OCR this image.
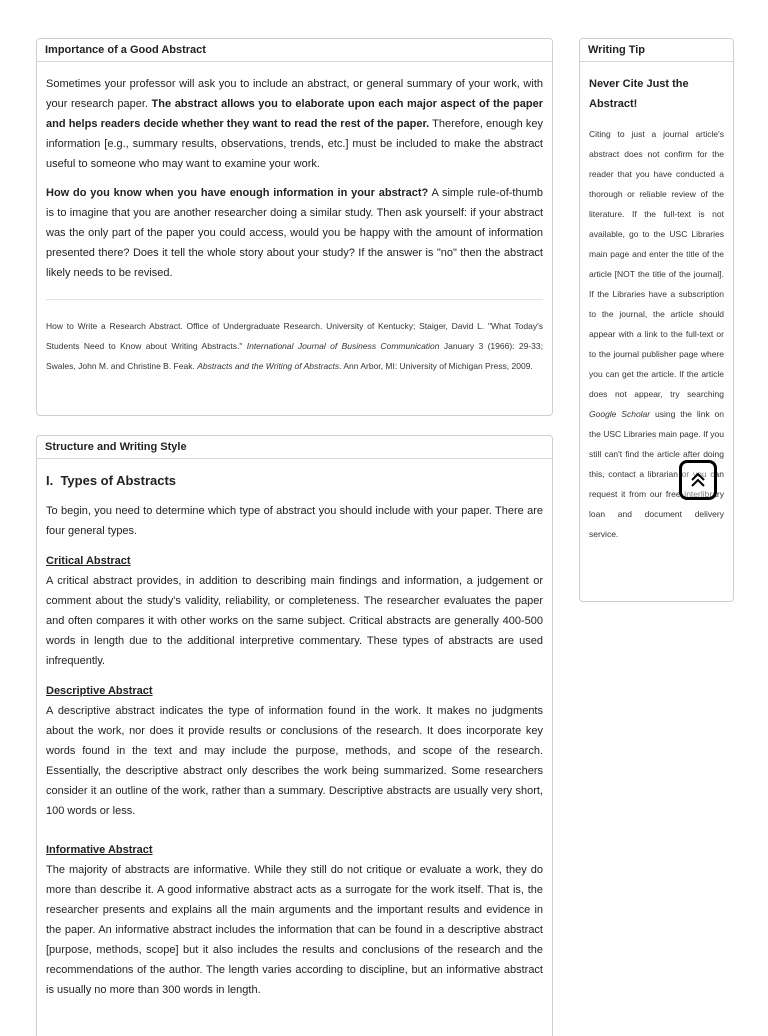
Importance of a Good Abstract

Sometimes your professor will ask you to include an abstract, or general summary of your work, with your research paper. The abstract allows you to elaborate upon each major aspect of the paper and helps readers decide whether they want to read the rest of the paper. Therefore, enough key information [e.g., summary results, observations, trends, etc.] must be included to make the abstract useful to someone who may want to examine your work.

How do you know when you have enough information in your abstract? A simple rule-of-thumb is to imagine that you are another researcher doing a similar study. Then ask yourself: if your abstract was the only part of the paper you could access, would you be happy with the amount of information presented there? Does it tell the whole story about your study? If the answer is "no" then the abstract likely needs to be revised.

How to Write a Research Abstract. Office of Undergraduate Research. University of Kentucky; Staiger, David L. "What Today's Students Need to Know about Writing Abstracts." International Journal of Business Communication January 3 (1966): 29-33; Swales, John M. and Christine B. Feak. Abstracts and the Writing of Abstracts. Ann Arbor, MI: University of Michigan Press, 2009.

Structure and Writing Style
I.  Types of Abstracts

To begin, you need to determine which type of abstract you should include with your paper. There are four general types.

Critical Abstract

A critical abstract provides, in addition to describing main findings and information, a judgement or comment about the study's validity, reliability, or completeness. The researcher evaluates the paper and often compares it with other works on the same subject. Critical abstracts are generally 400-500 words in length due to the additional interpretive commentary. These types of abstracts are used infrequently.

Descriptive Abstract

A descriptive abstract indicates the type of information found in the work. It makes no judgments about the work, nor does it provide results or conclusions of the research. It does incorporate key words found in the text and may include the purpose, methods, and scope of the research. Essentially, the descriptive abstract only describes the work being summarized. Some researchers consider it an outline of the work, rather than a summary. Descriptive abstracts are usually very short, 100 words or less.

Informative Abstract

The majority of abstracts are informative. While they still do not critique or evaluate a work, they do more than describe it. A good informative abstract acts as a surrogate for the work itself. That is, the researcher presents and explains all the main arguments and the important results and evidence in the paper. An informative abstract includes the information that can be found in a descriptive abstract [purpose, methods, scope] but it also includes the results and conclusions of the research and the recommendations of the author. The length varies according to discipline, but an informative abstract is usually no more than 300 words in length.

Writing Tip
Never Cite Just the Abstract!

Citing to just a journal article's abstract does not confirm for the reader that you have conducted a thorough or reliable review of the literature. If the full-text is not available, go to the USC Libraries main page and enter the title of the article [NOT the title of the journal]. If the Libraries have a subscription to the journal, the article should appear with a link to the full-text or to the journal publisher page where you can get the article. If the article does not appear, try searching Google Scholar using the link on the USC Libraries main page. If you still can't find the article after doing this, contact a librarian or you can request it from our free interlibrary loan and document delivery service.
